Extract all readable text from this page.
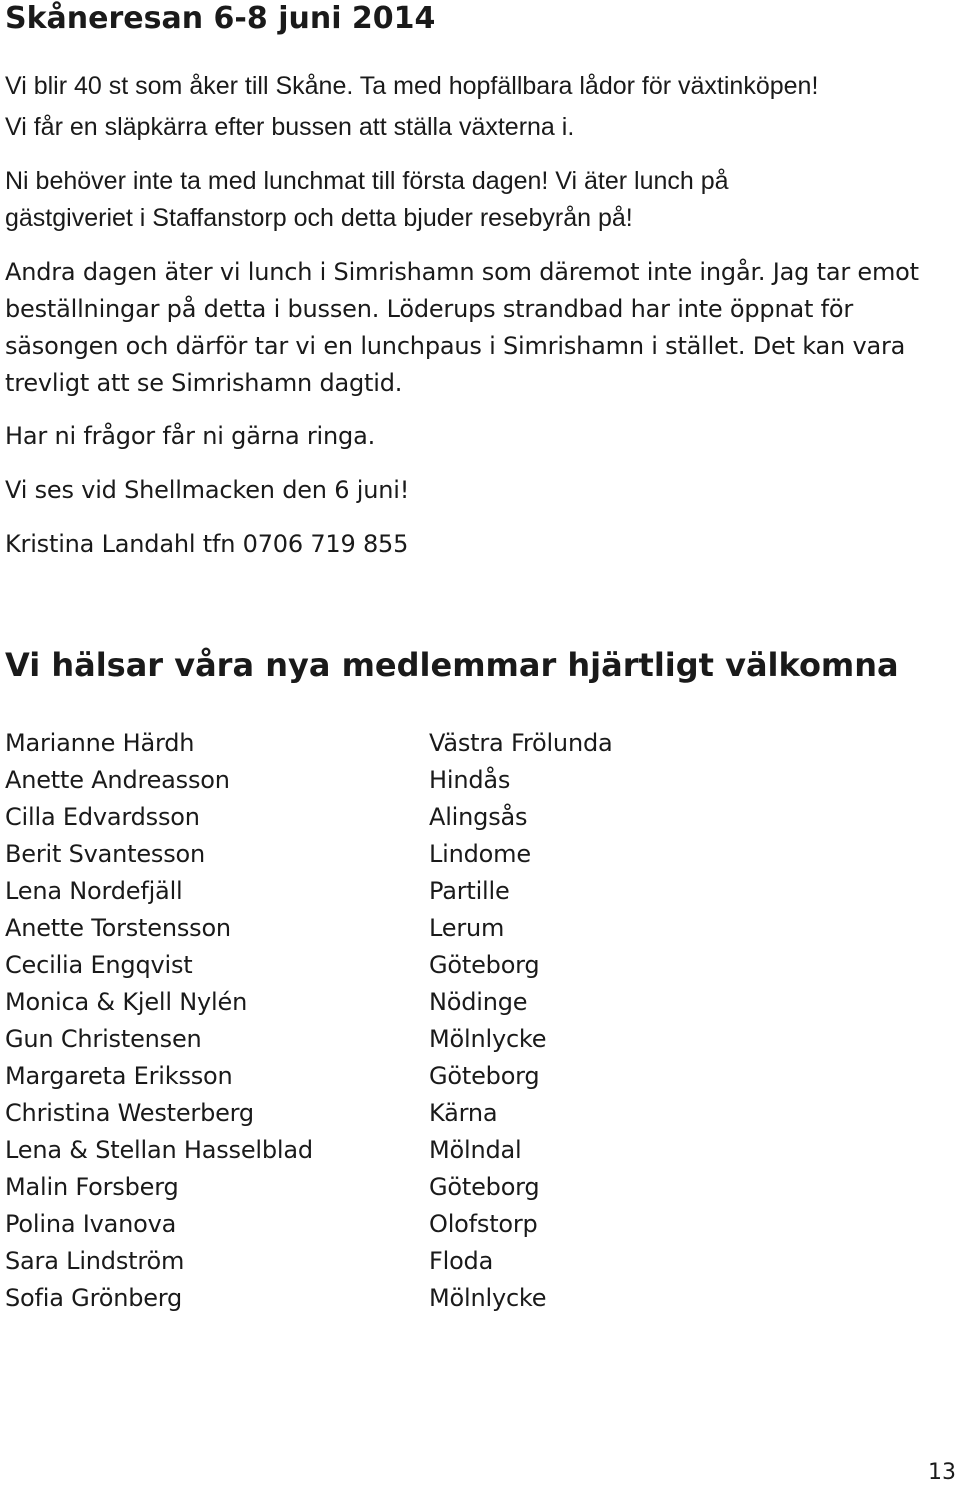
Skåneresan 6-8 juni 2014

Vi blir 40 st som åker till Skåne. Ta med hopfällbara lådor för växtinköpen!

Vi får en släpkärra efter bussen att ställa växterna i.

Ni behöver inte ta med lunchmat till första dagen! Vi äter lunch på

gästgiveriet i Staffanstorp och detta bjuder resebyrån på!

Andra dagen äter vi lunch i Simrishamn som däremot inte ingår. Jag tar emot

beställningar på detta i bussen. Löderups strandbad har inte öppnat för

säsongen och därför tar vi en lunchpaus i Simrishamn i stället. Det kan vara

trevligt att se Simrishamn dagtid.

Har ni frågor får ni gärna ringa.

Vi ses vid Shellmacken den 6 juni!

Kristina Landahl tfn 0706 719 855

Vi hälsar våra nya medlemmar hjärtligt välkomna
Marianne Härdh	Västra Frölunda
Anette Andreasson	Hindås
Cilla Edvardsson	Alingsås
Berit Svantesson	Lindome
Lena Nordefjäll	Partille
Anette Torstensson	Lerum
Cecilia Engqvist	Göteborg
Monica & Kjell Nylén	Nödinge
Gun Christensen	Mölnlycke
Margareta Eriksson	Göteborg
Christina Westerberg	Kärna
Lena & Stellan Hasselblad	Mölndal
Malin Forsberg	Göteborg
Polina Ivanova	Olofstorp
Sara Lindström	Floda
Sofia Grönberg	Mölnlycke
13
